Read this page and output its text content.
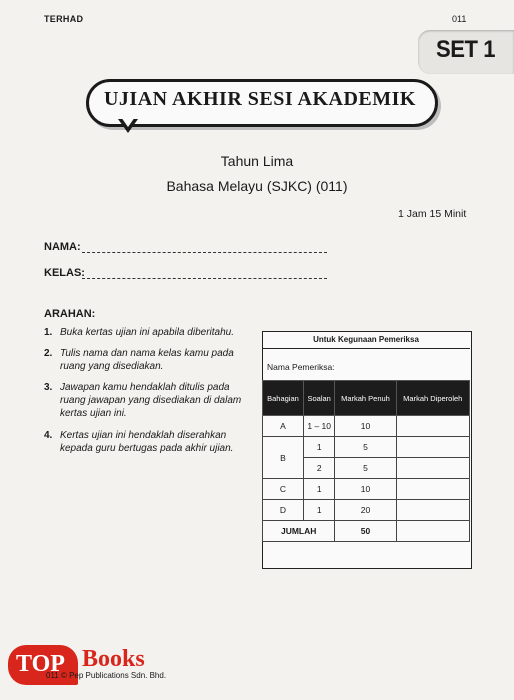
TERHAD	011
SET 1
UJIAN AKHIR SESI AKADEMIK
Tahun Lima
Bahasa Melayu (SJKC) (011)
1 Jam 15 Minit
NAMA:
KELAS:
ARAHAN:
1. Buka kertas ujian ini apabila diberitahu.
2. Tulis nama dan nama kelas kamu pada ruang yang disediakan.
3. Jawapan kamu hendaklah ditulis pada ruang jawapan yang disediakan di dalam kertas ujian ini.
4. Kertas ujian ini hendaklah diserahkan kepada guru bertugas pada akhir ujian.
Untuk Kegunaan Pemeriksa
Nama Pemeriksa:
Bahagian	Soalan	Markah Penuh	Markah Diperoleh
A	1 – 10	10	
B	1	5	
	2	5	
C	1	10	
D	1	20	
JUMLAH		50	
TOP Books
011 © Pep Publications Sdn. Bhd.
